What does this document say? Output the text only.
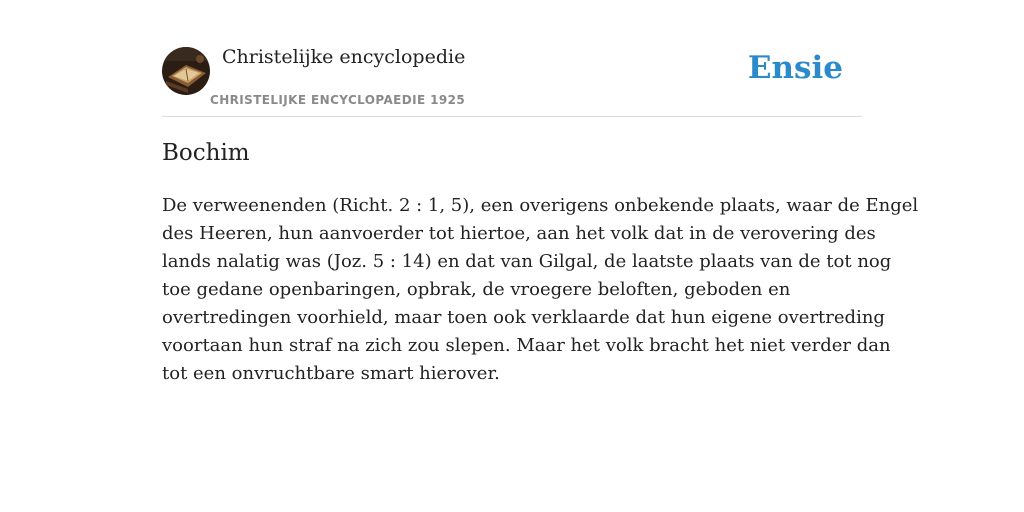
Christelijke encyclopedie
CHRISTELIJKE ENCYCLOPAEDIE 1925
Ensie
Bochim

De verweenenden (Richt. 2 : 1, 5), een overigens onbekende plaats, waar de Engel
des Heeren, hun aanvoerder tot hiertoe, aan het volk dat in de verovering des
lands nalatig was (Joz. 5 : 14) en dat van Gilgal, de laatste plaats van de tot nog
toe gedane openbaringen, opbrak, de vroegere beloften, geboden en
overtredingen voorhield, maar toen ook verklaarde dat hun eigene overtreding
voortaan hun straf na zich zou slepen. Maar het volk bracht het niet verder dan
tot een onvruchtbare smart hierover.
